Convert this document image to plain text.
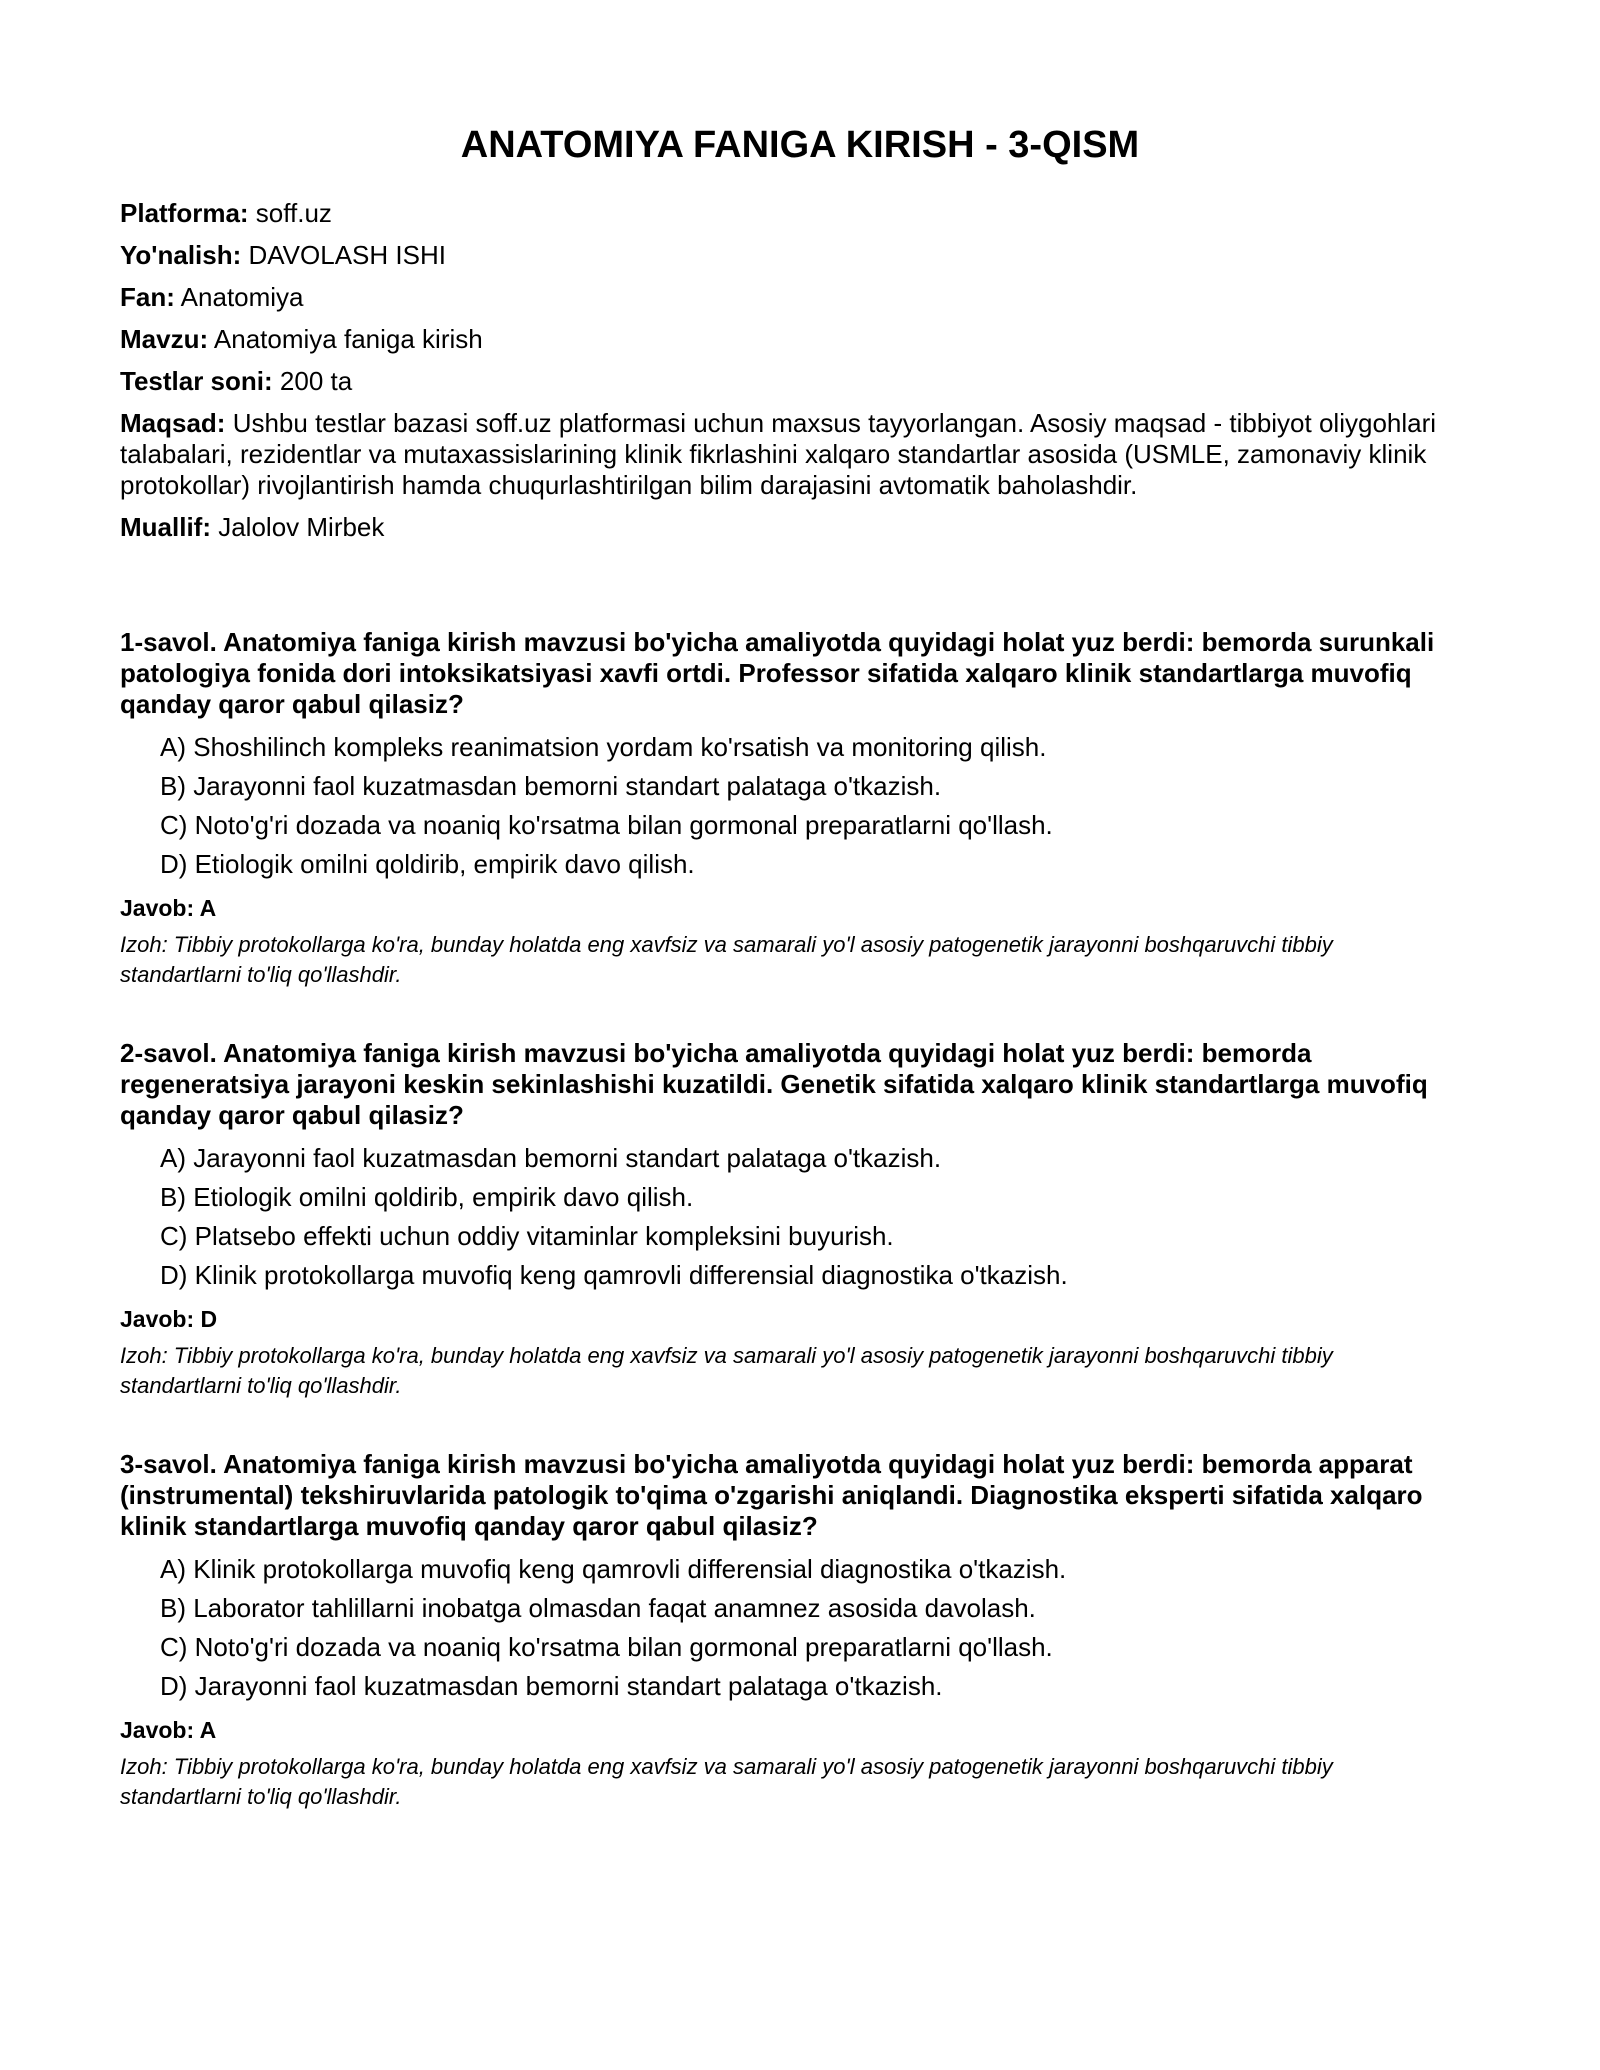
ANATOMIYA FANIGA KIRISH - 3-QISM
Platforma: soff.uz
Yo'nalish: DAVOLASH ISHI
Fan: Anatomiya
Mavzu: Anatomiya faniga kirish
Testlar soni: 200 ta
Maqsad: Ushbu testlar bazasi soff.uz platformasi uchun maxsus tayyorlangan. Asosiy maqsad - tibbiyot oliygohlari talabalari, rezidentlar va mutaxassislarining klinik fikrlashini xalqaro standartlar asosida (USMLE, zamonaviy klinik protokollar) rivojlantirish hamda chuqurlashtirilgan bilim darajasini avtomatik baholashdir.
Muallif: Jalolov Mirbek
1-savol. Anatomiya faniga kirish mavzusi bo'yicha amaliyotda quyidagi holat yuz berdi: bemorda surunkali patologiya fonida dori intoksikatsiyasi xavfi ortdi. Professor sifatida xalqaro klinik standartlarga muvofiq qanday qaror qabul qilasiz?
A) Shoshilinch kompleks reanimatsion yordam ko'rsatish va monitoring qilish.
B) Jarayonni faol kuzatmasdan bemorni standart palataga o'tkazish.
C) Noto'g'ri dozada va noaniq ko'rsatma bilan gormonal preparatlarni qo'llash.
D) Etiologik omilni qoldirib, empirik davo qilish.
Javob: A
Izoh: Tibbiy protokollarga ko'ra, bunday holatda eng xavfsiz va samarali yo'l asosiy patogenetik jarayonni boshqaruvchi tibbiy standartlarni to'liq qo'llashdir.
2-savol. Anatomiya faniga kirish mavzusi bo'yicha amaliyotda quyidagi holat yuz berdi: bemorda regeneratsiya jarayoni keskin sekinlashishi kuzatildi. Genetik sifatida xalqaro klinik standartlarga muvofiq qanday qaror qabul qilasiz?
A) Jarayonni faol kuzatmasdan bemorni standart palataga o'tkazish.
B) Etiologik omilni qoldirib, empirik davo qilish.
C) Platsebo effekti uchun oddiy vitaminlar kompleksini buyurish.
D) Klinik protokollarga muvofiq keng qamrovli differensial diagnostika o'tkazish.
Javob: D
Izoh: Tibbiy protokollarga ko'ra, bunday holatda eng xavfsiz va samarali yo'l asosiy patogenetik jarayonni boshqaruvchi tibbiy standartlarni to'liq qo'llashdir.
3-savol. Anatomiya faniga kirish mavzusi bo'yicha amaliyotda quyidagi holat yuz berdi: bemorda apparat (instrumental) tekshiruvlarida patologik to'qima o'zgarishi aniqlandi. Diagnostika eksperti sifatida xalqaro klinik standartlarga muvofiq qanday qaror qabul qilasiz?
A) Klinik protokollarga muvofiq keng qamrovli differensial diagnostika o'tkazish.
B) Laborator tahlillarni inobatga olmasdan faqat anamnez asosida davolash.
C) Noto'g'ri dozada va noaniq ko'rsatma bilan gormonal preparatlarni qo'llash.
D) Jarayonni faol kuzatmasdan bemorni standart palataga o'tkazish.
Javob: A
Izoh: Tibbiy protokollarga ko'ra, bunday holatda eng xavfsiz va samarali yo'l asosiy patogenetik jarayonni boshqaruvchi tibbiy standartlarni to'liq qo'llashdir.
